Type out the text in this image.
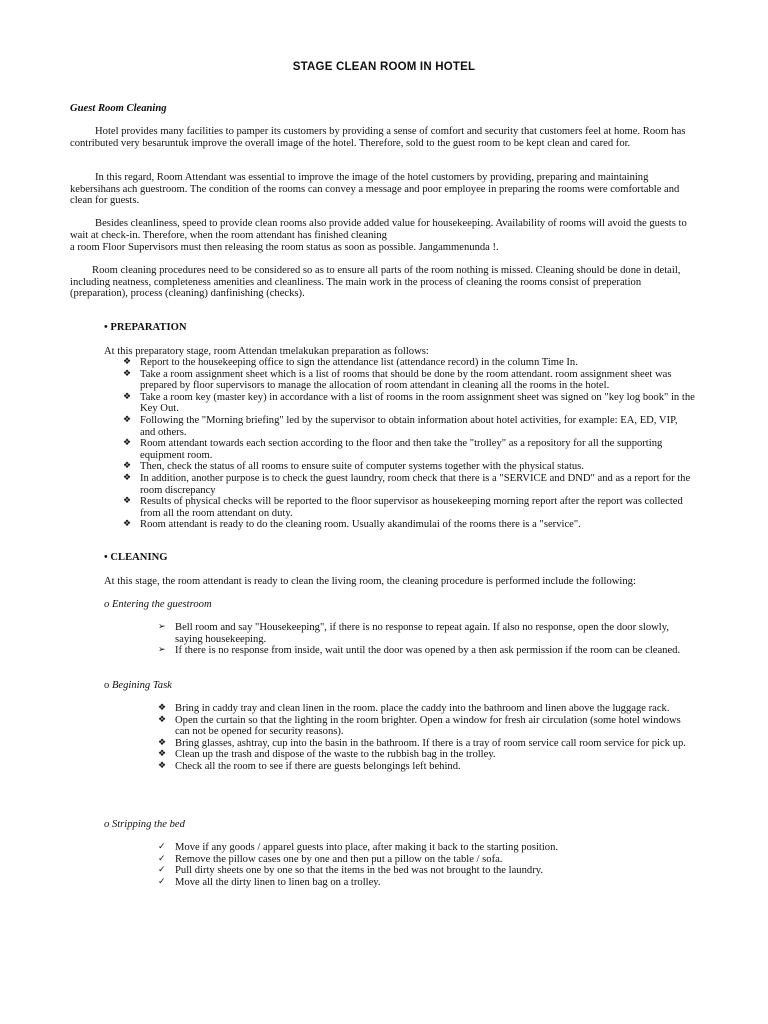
STAGE CLEAN ROOM IN HOTEL
Guest Room Cleaning
Hotel provides many facilities to pamper its customers by providing a sense of comfort and security that customers feel at home. Room has contributed very besaruntuk improve the overall image of the hotel. Therefore, sold to the guest room to be kept clean and cared for.
In this regard, Room Attendant was essential to improve the image of the hotel customers by providing, preparing and maintaining kebersihans ach guestroom. The condition of the rooms can convey a message and poor employee in preparing the rooms were comfortable and clean for guests.
Besides cleanliness, speed to provide clean rooms also provide added value for housekeeping. Availability of rooms will avoid the guests to wait at check-in. Therefore, when the room attendant has finished cleaning
a room Floor Supervisors must then releasing the room status as soon as possible. Jangammenunda !.
Room cleaning procedures need to be considered so as to ensure all parts of the room nothing is missed. Cleaning should be done in detail, including neatness, completeness amenities and cleanliness. The main work in the process of cleaning the rooms consist of preperation (preparation), process (cleaning) danfinishing (checks).
• PREPARATION
At this preparatory stage, room Attendan tmelakukan preparation as follows:
❖ Report to the housekeeping office to sign the attendance list (attendance record) in the column Time In.
❖ Take a room assignment sheet which is a list of rooms that should be done by the room attendant. room assignment sheet was prepared by floor supervisors to manage the allocation of room attendant in cleaning all the rooms in the hotel.
❖ Take a room key (master key) in accordance with a list of rooms in the room assignment sheet was signed on "key log book" in the Key Out.
❖ Following the "Morning briefing" led by the supervisor to obtain information about hotel activities, for example: EA, ED, VIP, and others.
❖ Room attendant towards each section according to the floor and then take the "trolley" as a repository for all the supporting equipment room.
❖ Then, check the status of all rooms to ensure suite of computer systems together with the physical status.
❖ In addition, another purpose is to check the guest laundry, room check that there is a "SERVICE and DND" and as a report for the room discrepancy
❖ Results of physical checks will be reported to the floor supervisor as housekeeping morning report after the report was collected from all the room attendant on duty.
❖ Room attendant is ready to do the cleaning room. Usually akandimulai of the rooms there is a "service".
• CLEANING
At this stage, the room attendant is ready to clean the living room, the cleaning procedure is performed include the following:
o Entering the guestroom
➢ Bell room and say "Housekeeping", if there is no response to repeat again. If also no response, open the door slowly, saying housekeeping.
➢ If there is no response from inside, wait until the door was opened by a then ask permission if the room can be cleaned.
o Begining Task
❖ Bring in caddy tray and clean linen in the room. place the caddy into the bathroom and linen above the luggage rack.
❖ Open the curtain so that the lighting in the room brighter. Open a window for fresh air circulation (some hotel windows can not be opened for security reasons).
❖ Bring glasses, ashtray, cup into the basin in the bathroom. If there is a tray of room service call room service for pick up.
❖ Clean up the trash and dispose of the waste to the rubbish bag in the trolley.
❖ Check all the room to see if there are guests belongings left behind.
o Stripping the bed
✓ Move if any goods / apparel guests into place, after making it back to the starting position.
✓ Remove the pillow cases one by one and then put a pillow on the table / sofa.
✓ Pull dirty sheets one by one so that the items in the bed was not brought to the laundry.
✓ Move all the dirty linen to linen bag on a trolley.
